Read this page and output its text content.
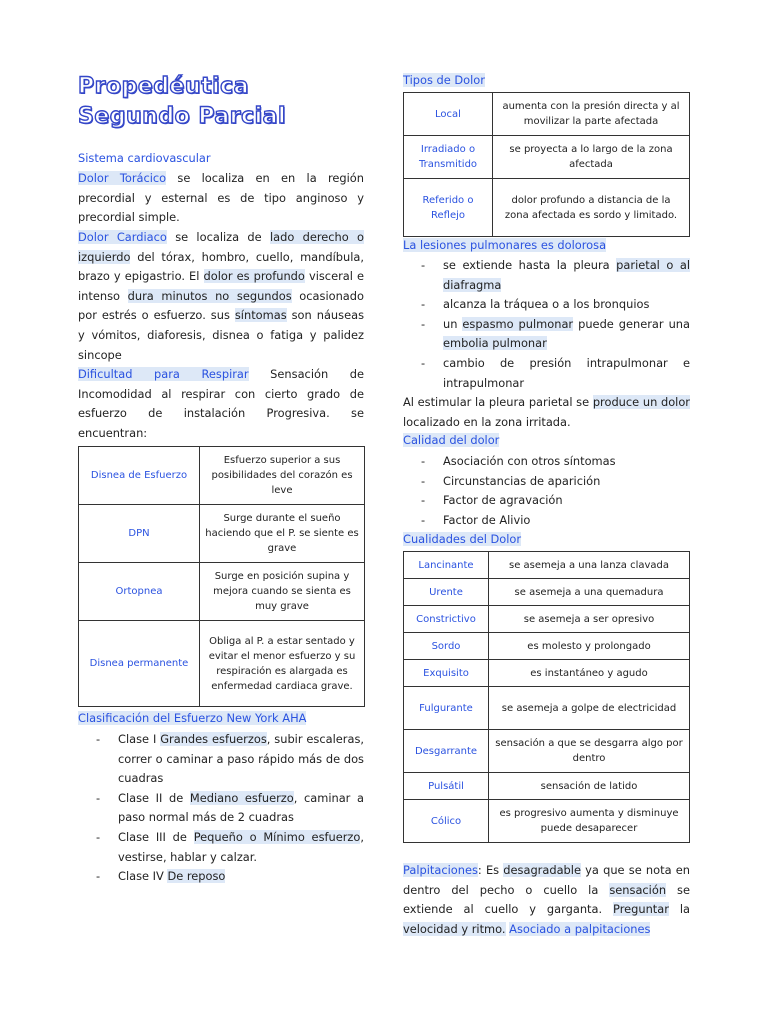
Propedéutica Segundo Parcial
Sistema cardiovascular
Dolor Torácico se localiza en en la región precordial y esternal es de tipo anginoso y precordial simple.
Dolor Cardiaco se localiza de lado derecho o izquierdo del tórax, hombro, cuello, mandíbula, brazo y epigastrio. El dolor es profundo visceral e intenso dura minutos no segundos ocasionado por estrés o esfuerzo. sus síntomas son náuseas y vómitos, diaforesis, disnea o fatiga y palidez sincope
Dificultad para Respirar Sensación de Incomodidad al respirar con cierto grado de esfuerzo de instalación Progresiva. se encuentran:
Disnea de Esfuerzo	Esfuerzo superior a sus posibilidades del corazón es leve
DPN	Surge durante el sueño haciendo que el P. se siente es grave
Ortopnea	Surge en posición supina y mejora cuando se sienta es muy grave
Disnea permanente	Obliga al P. a estar sentado y evitar el menor esfuerzo y su respiración es alargada es enfermedad cardiaca grave.
Clasificación del Esfuerzo New York AHA
- Clase I Grandes esfuerzos, subir escaleras, correr o caminar a paso rápido más de dos cuadras
- Clase II de Mediano esfuerzo, caminar a paso normal más de 2 cuadras
- Clase III de Pequeño o Mínimo esfuerzo, vestirse, hablar y calzar.
- Clase IV De reposo
Tipos de Dolor
Local	aumenta con la presión directa y al movilizar la parte afectada
Irradiado o Transmitido	se proyecta a lo largo de la zona afectada
Referido o Reflejo	dolor profundo a distancia de la zona afectada es sordo y limitado.
La lesiones pulmonares es dolorosa
- se extiende hasta la pleura parietal o al diafragma
- alcanza la tráquea o a los bronquios
- un espasmo pulmonar puede generar una embolia pulmonar
- cambio de presión intrapulmonar e intrapulmonar
Al estimular la pleura parietal se produce un dolor localizado en la zona irritada.
Calidad del dolor
- Asociación con otros síntomas
- Circunstancias de aparición
- Factor de agravación
- Factor de Alivio
Cualidades del Dolor
Lancinante	se asemeja a una lanza clavada
Urente	se asemeja a una quemadura
Constrictivo	se asemeja a ser opresivo
Sordo	es molesto y prolongado
Exquisito	es instantáneo y agudo
Fulgurante	se asemeja a golpe de electricidad
Desgarrante	sensación a que se desgarra algo por dentro
Pulsátil	sensación de latido
Cólico	es progresivo aumenta y disminuye puede desaparecer
Palpitaciones: Es desagradable ya que se nota en dentro del pecho o cuello la sensación se extiende al cuello y garganta. Preguntar la velocidad y ritmo. Asociado a palpitaciones
